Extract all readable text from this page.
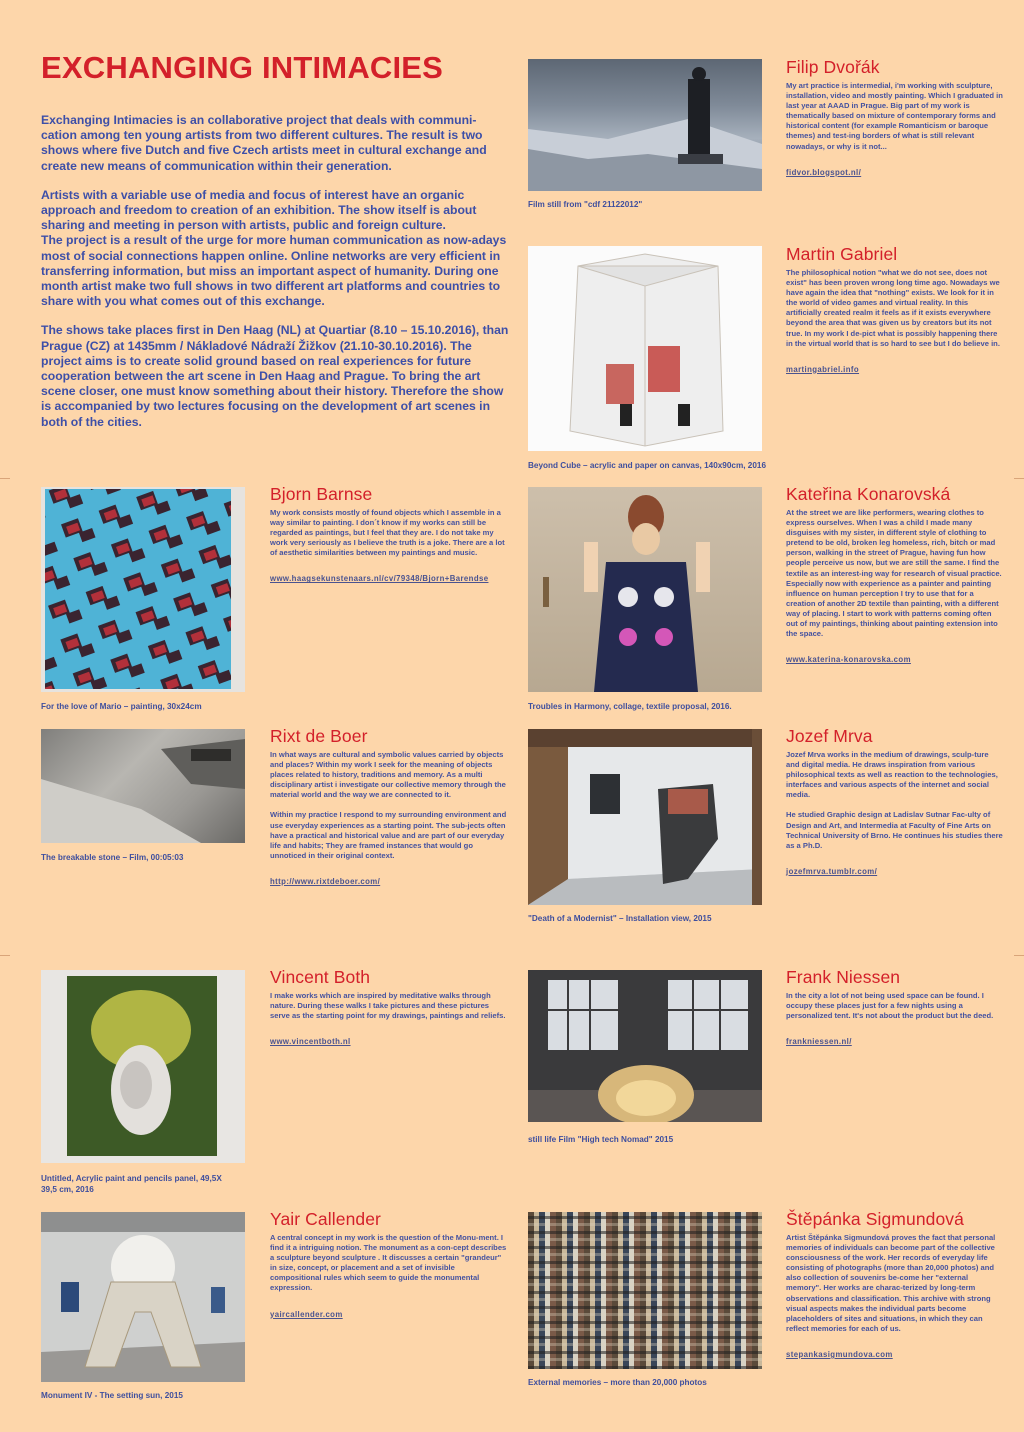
EXCHANGING INTIMACIES

Exchanging Intimacies is an collaborative project that deals with communi-cation among ten young artists from two different cultures. The result is two shows where five Dutch and five Czech artists meet in cultural exchange and create new means of communication within their generation.

Artists with a variable use of media and focus of interest have an organic approach and freedom to creation of an exhibition. The show itself is about sharing and meeting in person with artists, public and foreign culture.

The project is a result of the urge for more human communication as now-adays most of social connections happen online. Online networks are very efficient in transferring information, but miss an important aspect of humanity. During one month artist make two full shows in two different art platforms and countries to share with you what comes out of this exchange.

The shows take places first in Den Haag (NL) at Quartiar (8.10 – 15.10.2016), than Prague (CZ) at 1435mm / Nákladové Nádraží Žižkov (21.10-30.10.2016). The project aims is to create solid ground based on real experiences for future cooperation between the art scene in Den Haag and Prague. To bring the art scene closer, one must know something about their history. Therefore the show is accompanied by two lectures focusing on the development of art scenes in both of the cities.

Film still from "cdf 21122012"
Filip Dvořák

My art practice is intermedial, i'm working with sculpture, installation, video and mostly painting. Which I graduated in last year at AAAD in Prague. Big part of my work is thematically based on mixture of contemporary forms and historical content (for example Romanticism or baroque themes) and test-ing borders of what is still relevant nowadays, or why is it not...

fidvor.blogspot.nl/
Beyond Cube – acrylic and paper on canvas, 140x90cm, 2016
Martin Gabriel

The philosophical notion "what we do not see, does not exist" has been proven wrong long time ago. Nowadays we have again the idea that "nothing" exists. We look for it in the world of video games and virtual reality. In this artificially created realm it feels as if it exists everywhere beyond the area that was given us by creators but its not true. In my work I de-pict what is possibly happening there in the virtual world that is so hard to see but I do believe in.

martingabriel.info
For the love of Mario – painting, 30x24cm
Bjorn Barnse

My work consists mostly of found objects which I assemble in a way similar to painting. I don´t know if my works can still be regarded as paintings, but I feel that they are. I do not take my work very seriously as I believe the truth is a joke. There are a lot of aesthetic similarities between my paintings and music.

www.haagsekunstenaars.nl/cv/79348/Bjorn+Barendse
Troubles in Harmony, collage, textile proposal, 2016.
Kateřina Konarovská

At the street we are like performers, wearing clothes to express ourselves. When I was a child I made many disguises with my sister, in different style of clothing to pretend to be old, broken leg homeless, rich, bitch or mad person, walking in the street of Prague, having fun how people perceive us now, but we are still the same. I find the textile as an interest-ing way for research of visual practice. Especially now with experience as a painter and painting influence on human perception I try to use that for a creation of another 2D textile than painting, with a different way of placing. I start to work with patterns coming often out of my paintings, thinking about painting extension into the space.

www.katerina-konarovska.com
The breakable stone – Film, 00:05:03
Rixt de Boer

In what ways are cultural and symbolic values carried by objects and places? Within my work I seek for the meaning of objects places related to history, traditions and memory. As a multi disciplinary artist i investigate our collective memory through the material world and the way we are connected to it.

Within my practice I respond to my surrounding environment and use everyday experiences as a starting point. The sub-jects often have a practical and historical value and are part of our everyday life and habits; They are framed instances that would go unnoticed in their original context.

http://www.rixtdeboer.com/
"Death of a Modernist" – Installation view, 2015
Jozef Mrva

Jozef Mrva works in the medium of drawings, sculp-ture and digital media. He draws inspiration from various philosophical texts as well as reaction to the technologies, interfaces and various aspects of the internet and social media.

He studied Graphic design at Ladislav Sutnar Fac-ulty of Design and Art, and Intermedia at Faculty of Fine Arts on Technical University of Brno. He continues his studies there as a Ph.D.

jozefmrva.tumblr.com/
Untitled, Acrylic paint and pencils panel, 49,5X 39,5 cm, 2016
Vincent Both

I make works which are inspired by meditative walks through nature. During these walks I take pictures and these pictures serve as the starting point for my drawings, paintings and reliefs.

www.vincentboth.nl
still life Film "High tech Nomad" 2015
Frank Niessen

In the city a lot of not being used space can be found. I occupy these places just for a few nights using a personalized tent. It's not about the product but the deed.

frankniessen.nl/
Monument IV - The setting sun, 2015
Yair Callender

A central concept in my work is the question of the Monu-ment. I find it a intriguing notion. The monument as a con-cept describes a sculpture beyond sculpture . It discusses a certain "grandeur" in size, concept, or placement and a set of invisible compositional rules which seem to guide the monumental expression.

yaircallender.com
External memories – more than 20,000 photos
Štěpánka Sigmundová

Artist Štěpánka Sigmundová proves the fact that personal memories of individuals can become part of the collective consciousness of the work. Her records of everyday life consisting of photographs (more than 20,000 photos) and also collection of souvenirs be-come her "external memory". Her works are charac-terized by long-term observations and classification. This archive with strong visual aspects makes the individual parts become placeholders of sites and situations, in which they can reflect memories for each of us.

stepankasigmundova.com
